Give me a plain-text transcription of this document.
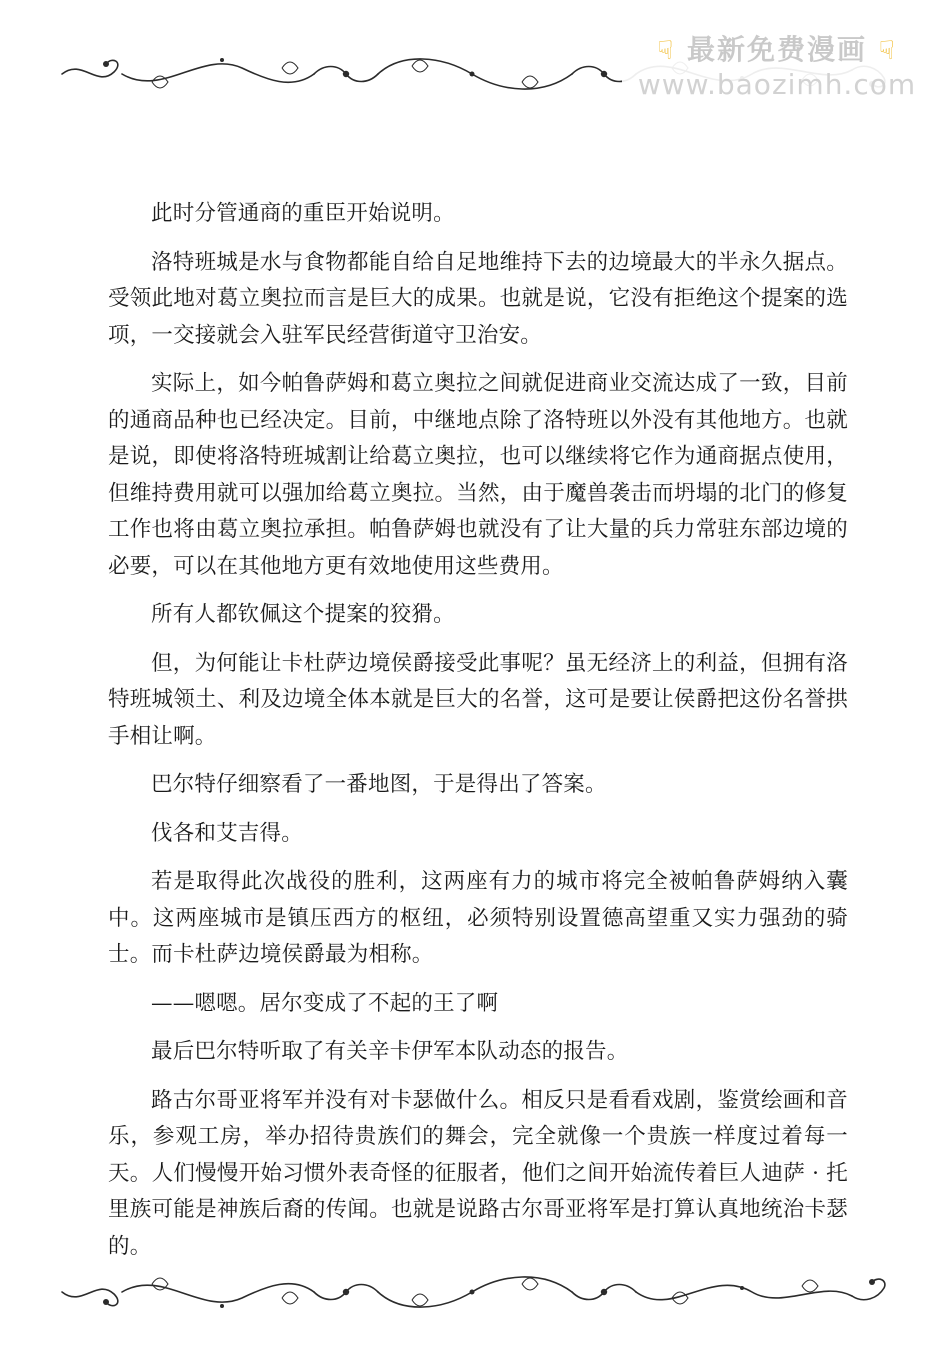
☟ 最新免费漫画 ☟
www.baozimh.com

此时分管通商的重臣开始说明。

洛特班城是水与食物都能自给自足地维持下去的边境最大的半永久据点。受领此地对葛立奥拉而言是巨大的成果。也就是说，它没有拒绝这个提案的选项，一交接就会入驻军民经营街道守卫治安。

实际上，如今帕鲁萨姆和葛立奥拉之间就促进商业交流达成了一致，目前的通商品种也已经决定。目前，中继地点除了洛特班以外没有其他地方。也就是说，即使将洛特班城割让给葛立奥拉，也可以继续将它作为通商据点使用，但维持费用就可以强加给葛立奥拉。当然，由于魔兽袭击而坍塌的北门的修复工作也将由葛立奥拉承担。帕鲁萨姆也就没有了让大量的兵力常驻东部边境的必要，可以在其他地方更有效地使用这些费用。

所有人都钦佩这个提案的狡猾。

但，为何能让卡杜萨边境侯爵接受此事呢？虽无经济上的利益，但拥有洛特班城领土、利及边境全体本就是巨大的名誉，这可是要让侯爵把这份名誉拱手相让啊。

巴尔特仔细察看了一番地图，于是得出了答案。

伐各和艾吉得。

若是取得此次战役的胜利，这两座有力的城市将完全被帕鲁萨姆纳入囊中。这两座城市是镇压西方的枢纽，必须特别设置德高望重又实力强劲的骑士。而卡杜萨边境侯爵最为相称。

——嗯嗯。居尔变成了不起的王了啊

最后巴尔特听取了有关辛卡伊军本队动态的报告。

路古尔哥亚将军并没有对卡瑟做什么。相反只是看看戏剧，鉴赏绘画和音乐，参观工房，举办招待贵族们的舞会，完全就像一个贵族一样度过着每一天。人们慢慢开始习惯外表奇怪的征服者，他们之间开始流传着巨人迪萨 · 托里族可能是神族后裔的传闻。也就是说路古尔哥亚将军是打算认真地统治卡瑟的。
